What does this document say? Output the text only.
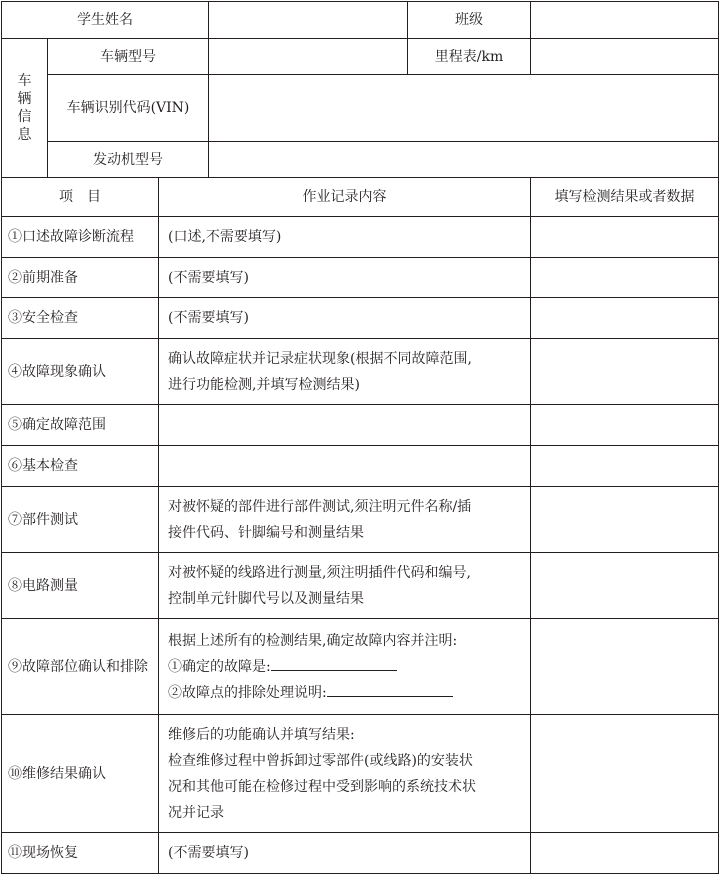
学生姓名			班级	

车
辆
信
息	车辆型号		里程表/km	
	车辆识别代码(VIN)			
	发动机型号			
项　目	作业记录内容	填写检测结果或者数据
①口述故障诊断流程	(口述,不需要填写)	

②前期准备	(不需要填写)	

③安全检查	(不需要填写)	

④故障现象确认	确认故障症状并记录症状现象(根据不同故障范围,
进行功能检测,并填写检测结果)	

⑤确定故障范围		
⑥基本检查		
⑦部件测试	对被怀疑的部件进行部件测试,须注明元件名称/插
接件代码、针脚编号和测量结果	

⑧电路测量	对被怀疑的线路进行测量,须注明插件代码和编号,
控制单元针脚代号以及测量结果	

⑨故障部位确认和排除	根据上述所有的检测结果,确定故障内容并注明:
①确定的故障是:
②故障点的排除处理说明:	

⑩维修结果确认	维修后的功能确认并填写结果:
检查维修过程中曾拆卸过零部件(或线路)的安装状
况和其他可能在检修过程中受到影响的系统技术状
况并记录	

⑪现场恢复	(不需要填写)	
